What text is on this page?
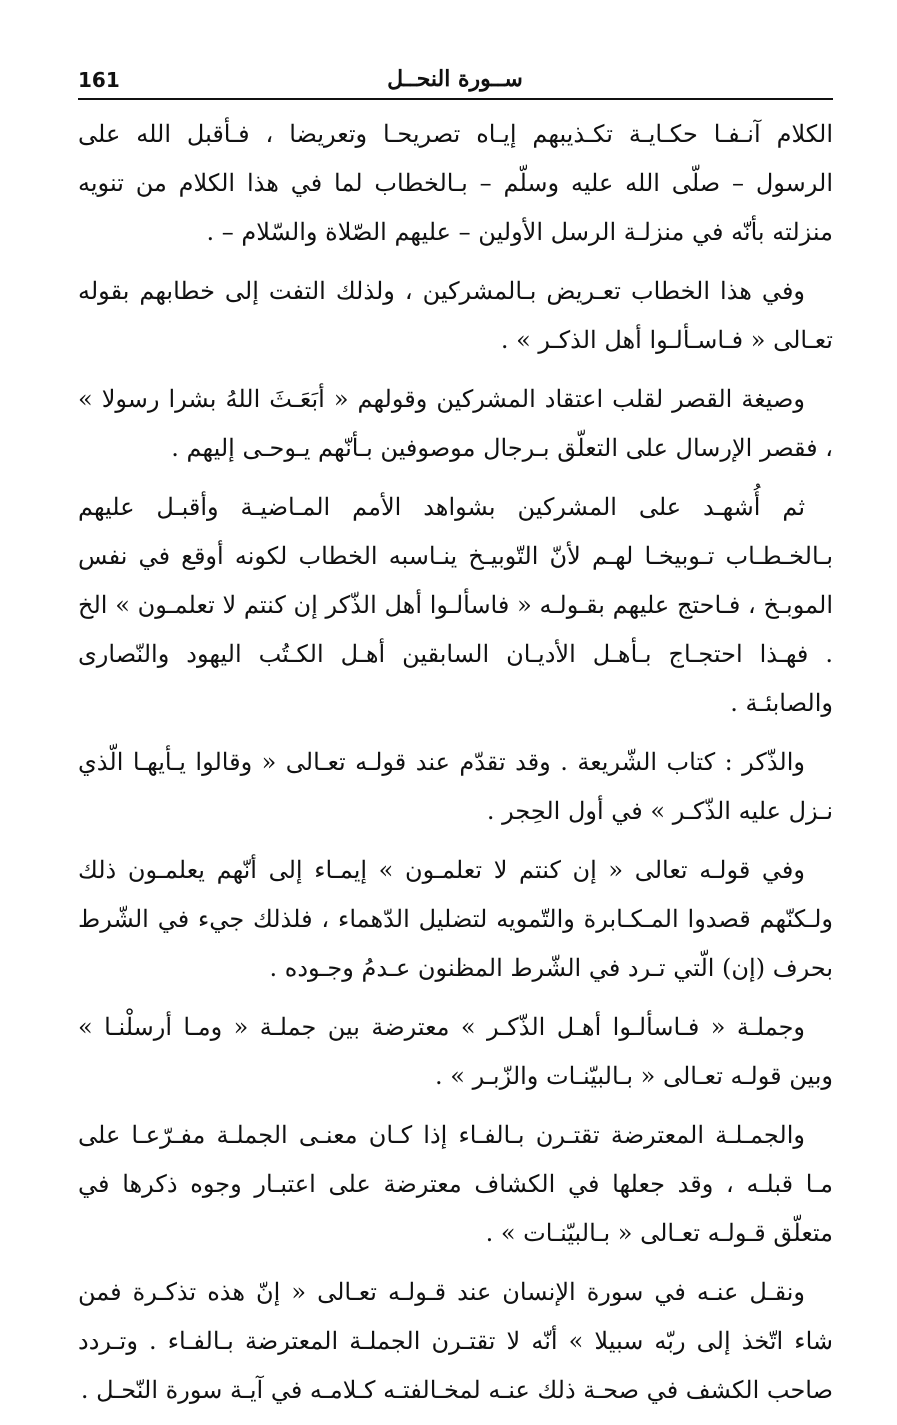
161	ســورة النحــل

الكلام آنـفـا حكـايـة تكـذيبهم إيـاه تصريحـا وتعريضا ، فـأقبل الله على الرسول – صلّى الله عليه وسلّم – بـالخطاب لما في هذا الكلام من تنويه منزلته بأنّه في منزلـة الرسل الأولين – عليهم الصّلاة والسّلام – .

وفي هذا الخطاب تعـريض بـالمشركين ، ولذلك التفت إلى خطابهم بقوله تعـالى « فـاسـألـوا أهل الذكـر » .

وصيغة القصر لقلب اعتقاد المشركين وقولهم « أبَعَـثَ اللهُ بشرا رسولا » ، فقصر الإرسال على التعلّق بـرجال موصوفين بـأنّهم يـوحـى إليهم .

ثم أُشهـد على المشركين بشواهد الأمم المـاضيـة وأقبـل عليهم بـالخـطـاب تـوبيخـا لهـم لأنّ التّوبيـخ ينـاسبه الخطاب لكونه أوقع في نفس الموبـخ ، فـاحتج عليهم بقـولـه « فاسألـوا أهل الذّكر إن كنتم لا تعلمـون » الخ . فهـذا احتجـاج بـأهـل الأديـان السابقين أهـل الكـتُب اليهود والنّصارى والصابئـة .

والذّكر : كتاب الشّريعة . وقد تقدّم عند قولـه تعـالى « وقالوا يـأيهـا الّذي نـزل عليه الذّكـر » في أول الحِجر .

وفي قولـه تعالى « إن كنتم لا تعلمـون » إيمـاء إلى أنّهم يعلمـون ذلك ولـكنّهم قصدوا المـكـابرة والتّمويه لتضليل الدّهماء ، فلذلك جيء في الشّرط بحرف (إن) الّتي تـرد في الشّرط المظنون عـدمُ وجـوده .

وجملـة « فـاسألـوا أهـل الذّكـر » معترضة بين جملـة « ومـا أرسلْنـا » وبين قولـه تعـالى « بـالبيّنـات والزّبـر » .

والجمـلـة المعترضة تقتـرن بـالفـاء إذا كـان معنـى الجملـة مفـرّعـا على مـا قبلـه ، وقد جعلها في الكشاف معترضة على اعتبـار وجوه ذكرها في متعلّق قـولـه تعـالى « بـالبيّنـات » .

ونقـل عنـه في سورة الإنسان عند قـولـه تعـالى « إنّ هذه تذكـرة فمن شاء اتّخذ إلى ربّه سبيلا » أنّه لا تقتـرن الجملـة المعترضة بـالفـاء . وتـردد صاحب الكشف في صحـة ذلك عنـه لمخـالفتـه كـلامـه في آيـة سورة النّحـل .
